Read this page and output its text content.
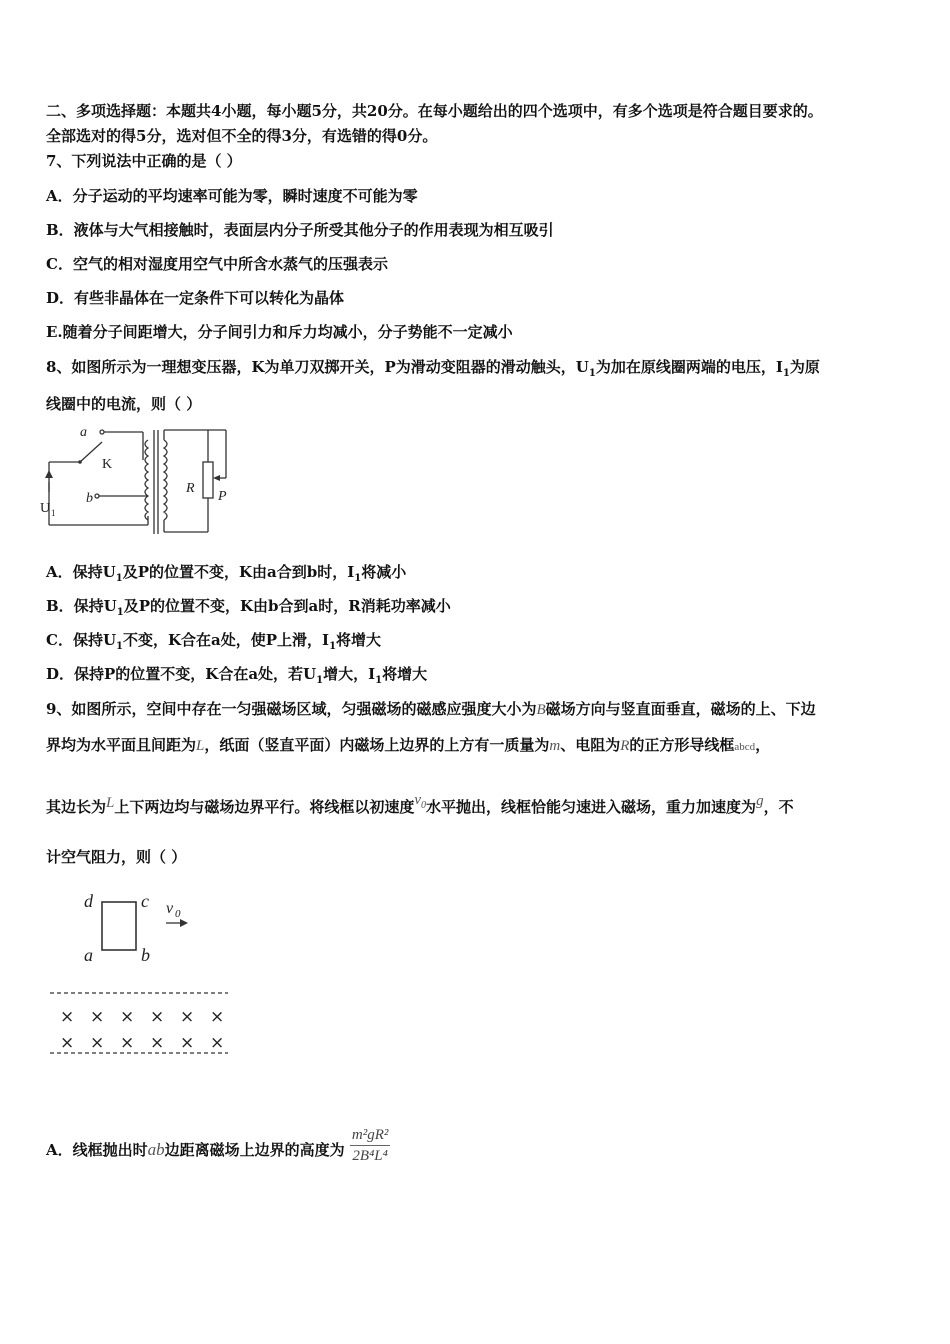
二、多项选择题：本题共4小题，每小题5分，共20分。在每小题给出的四个选项中，有多个选项是符合题目要求的。
全部选对的得5分，选对但不全的得3分，有选错的得0分。
7、下列说法中正确的是（ ）
A．分子运动的平均速率可能为零，瞬时速度不可能为零
B．液体与大气相接触时，表面层内分子所受其他分子的作用表现为相互吸引
C．空气的相对湿度用空气中所含水蒸气的压强表示
D．有些非晶体在一定条件下可以转化为晶体
E.随着分子间距增大，分子间引力和斥力均减小，分子势能不一定减小
8、如图所示为一理想变压器，K为单刀双掷开关，P为滑动变阻器的滑动触头，$U_1$为加在原线圈两端的电压，$I_1$为原
线圈中的电流，则（ ）
a
b
R
P
K
U 1
A．保持$U_1$及P的位置不变，K由a合到b时，$I_1$将减小
B．保持$U_1$及P的位置不变，K由b合到a时，R消耗功率减小
C．保持$U_1$不变，K合在a处，使P上滑，$I_1$将增大
D．保持P的位置不变，K合在a处，若$U_1$增大，$I_1$将增大
9、如图所示，空间中存在一匀强磁场区域，匀强磁场的磁感应强度大小为B磁场方向与竖直面垂直，磁场的上、下边
界均为水平面且间距为L，纸面（竖直平面）内磁场上边界的上方有一质量为m、电阻为R的正方形导线框abcd，
其边长为L上下两边均与磁场边界平行。将线框以初速度$v_0$水平抛出，线框恰能匀速进入磁场，重力加速度为g，不
计空气阻力，则（ ）
d	c
a	b
v 0
× × × × × ×
× × × × × ×
A．线框抛出时ab边距离磁场上边界的高度为 $\frac{\text{m²gR²}}{\text{2B⁴L⁴}}$
